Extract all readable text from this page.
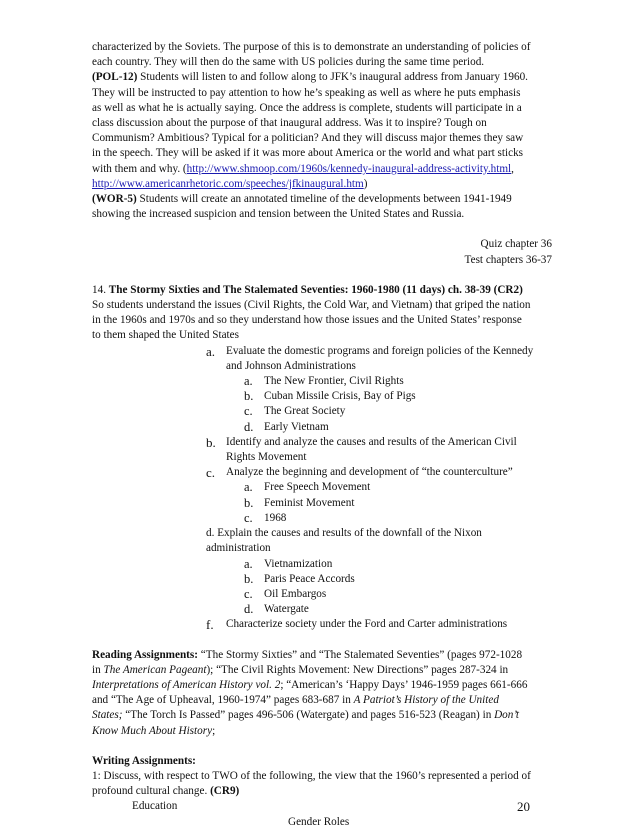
characterized by the Soviets. The purpose of this is to demonstrate an understanding of policies of

each country. They will then do the same with US policies during the same time period.

(POL-12) Students will listen to and follow along to JFK’s inaugural address from January 1960.

They will be instructed to pay attention to how he’s speaking as well as where he puts emphasis

as well as what he is actually saying. Once the address is complete, students will participate in a

class discussion about the purpose of that inaugural address. Was it to inspire? Tough on

Communism? Ambitious? Typical for a politician? And they will discuss major themes they saw

in the speech. They will be asked if it was more about America or the world and what part sticks

with them and why. (http://www.shmoop.com/1960s/kennedy-inaugural-address-activity.html,

http://www.americanrhetoric.com/speeches/jfkinaugural.htm)

(WOR-5) Students will create an annotated timeline of the developments between 1941-1949

showing the increased suspicion and tension between the United States and Russia.

Quiz chapter 36

Test chapters 36-37

14. The Stormy Sixties and The Stalemated Seventies: 1960-1980 (11 days) ch. 38-39 (CR2)

So students understand the issues (Civil Rights, the Cold War, and Vietnam) that griped the nation

in the 1960s and 1970s and so they understand how those issues and the United States’ response

to them shaped the United States

a. Evaluate the domestic programs and foreign policies of the Kennedy
and Johnson Administrations
a.	The New Frontier, Civil Rights
b. Cuban Missile Crisis, Bay of Pigs
c.	The Great Society
d. Early Vietnam
b. Identify and analyze the causes and results of the American Civil
Rights Movement
c. Analyze the beginning and development of “the counterculture”
a.	Free Speech Movement
b. Feminist Movement
c.	1968

d. Explain the causes and results of the downfall of the Nixon

administration

a.	Vietnamization
b. Paris Peace Accords
c.	Oil Embargos
d. Watergate
f.	Characterize society under the Ford and Carter administrations

Reading Assignments: “The Stormy Sixties” and “The Stalemated Seventies” (pages 972-1028

in The American Pageant); “The Civil Rights Movement: New Directions” pages 287-324 in

Interpretations of American History vol. 2; “American’s ‘Happy Days’ 1946-1959 pages 661-666

and “The Age of Upheaval, 1960-1974” pages 683-687 in A Patriot’s History of the United

States; “The Torch Is Passed” pages 496-506 (Watergate) and pages 516-523 (Reagan) in Don’t

Know Much About History;

Writing Assignments:

1: Discuss, with respect to TWO of the following, the view that the 1960’s represented a period of

profound cultural change. (CR9)

Education

Gender Roles

20
